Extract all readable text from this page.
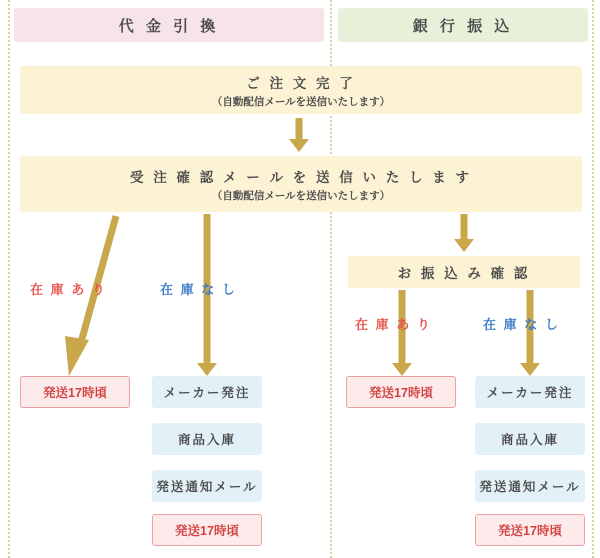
代 金 引 換	銀 行 振 込
ご 注 文 完 了
（自動配信メールを送信いたします）
受 注 確 認 メ ー ル を 送 信 い た し ま す
（自動配信メールを送信いたします）
在 庫 あ り	在 庫 な し
発送17時頃	メーカー発注
商品入庫
発送通知メール
発送17時頃
お 振 込 み 確 認
在 庫 あ り	在 庫 な し
発送17時頃	メーカー発注
商品入庫
発送通知メール
発送17時頃
